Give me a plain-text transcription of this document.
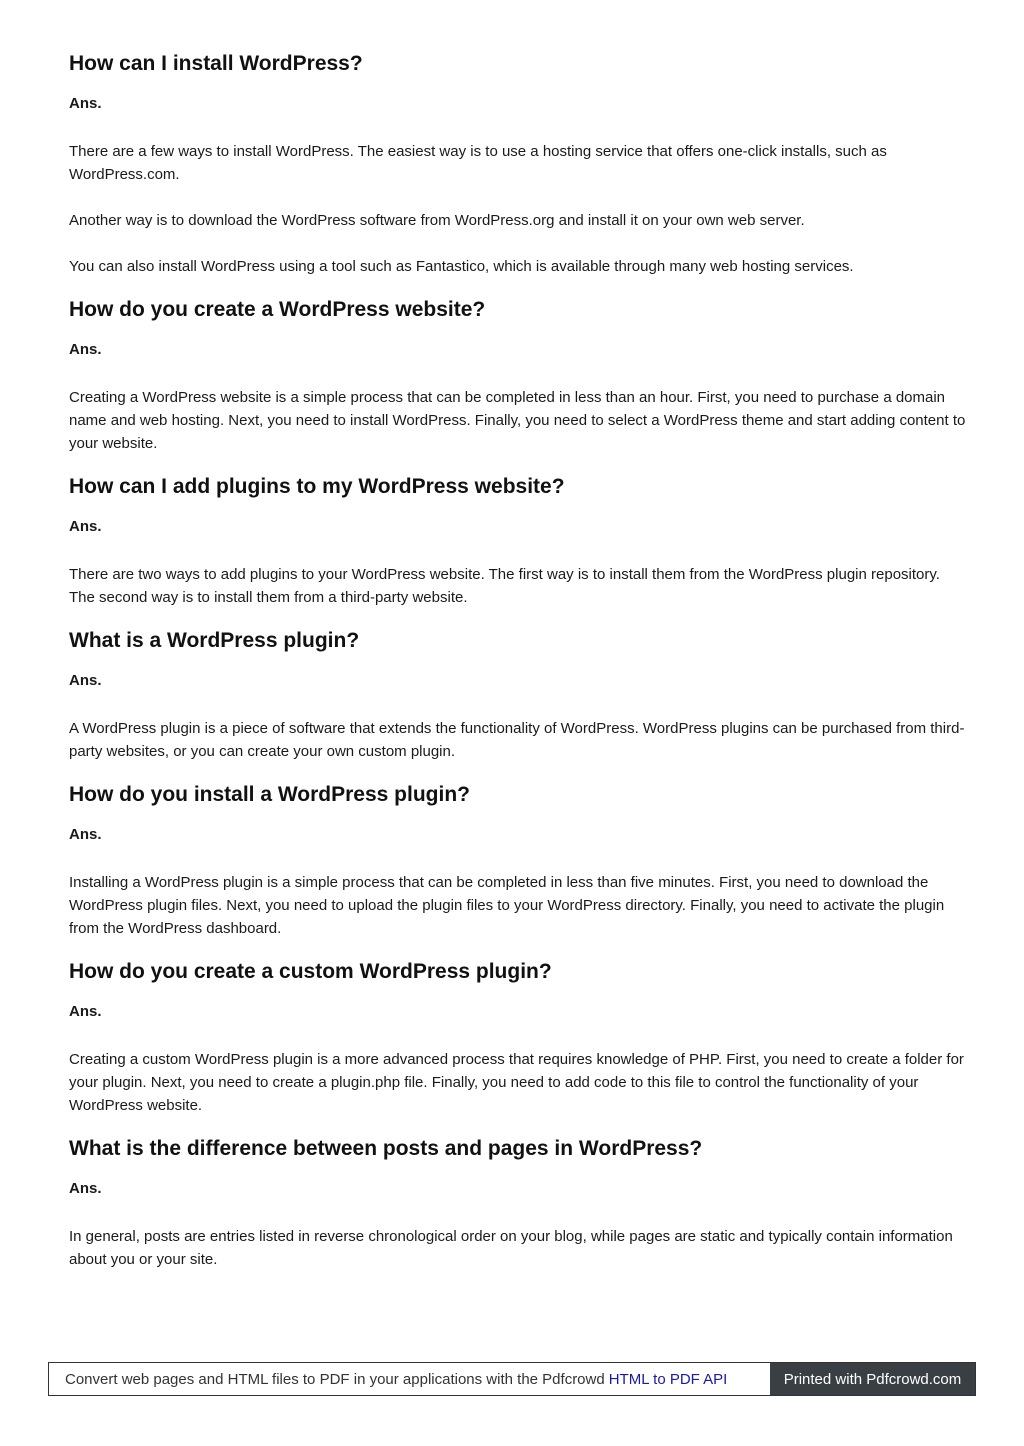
How can I install WordPress?
Ans.

There are a few ways to install WordPress. The easiest way is to use a hosting service that offers one-click installs, such as WordPress.com.

Another way is to download the WordPress software from WordPress.org and install it on your own web server.

You can also install WordPress using a tool such as Fantastico, which is available through many web hosting services.

How do you create a WordPress website?
Ans.

Creating a WordPress website is a simple process that can be completed in less than an hour. First, you need to purchase a domain name and web hosting. Next, you need to install WordPress. Finally, you need to select a WordPress theme and start adding content to your website.

How can I add plugins to my WordPress website?
Ans.

There are two ways to add plugins to your WordPress website. The first way is to install them from the WordPress plugin repository. The second way is to install them from a third-party website.

What is a WordPress plugin?
Ans.

A WordPress plugin is a piece of software that extends the functionality of WordPress. WordPress plugins can be purchased from third-party websites, or you can create your own custom plugin.

How do you install a WordPress plugin?
Ans.

Installing a WordPress plugin is a simple process that can be completed in less than five minutes. First, you need to download the WordPress plugin files. Next, you need to upload the plugin files to your WordPress directory. Finally, you need to activate the plugin from the WordPress dashboard.

How do you create a custom WordPress plugin?
Ans.

Creating a custom WordPress plugin is a more advanced process that requires knowledge of PHP. First, you need to create a folder for your plugin. Next, you need to create a plugin.php file. Finally, you need to add code to this file to control the functionality of your WordPress website.

What is the difference between posts and pages in WordPress?
Ans.

In general, posts are entries listed in reverse chronological order on your blog, while pages are static and typically contain information about you or your site.

Convert web pages and HTML files to PDF in your applications with the Pdfcrowd HTML to PDF API	Printed with Pdfcrowd.com
